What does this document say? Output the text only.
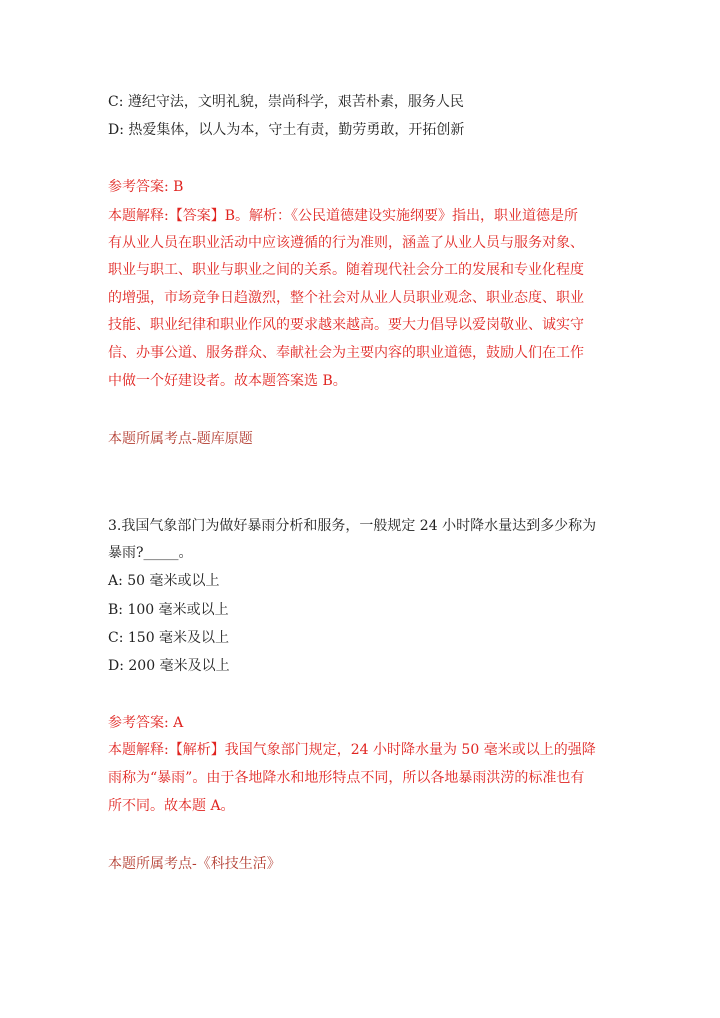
C: 遵纪守法，文明礼貌，崇尚科学，艰苦朴素，服务人民
D: 热爱集体，以人为本，守土有责，勤劳勇敢，开拓创新
参考答案: B
本题解释:【答案】B。解析：《公民道德建设实施纲要》指出，职业道德是所
有从业人员在职业活动中应该遵循的行为准则，涵盖了从业人员与服务对象、
职业与职工、职业与职业之间的关系。随着现代社会分工的发展和专业化程度
的增强，市场竞争日趋激烈，整个社会对从业人员职业观念、职业态度、职业
技能、职业纪律和职业作风的要求越来越高。要大力倡导以爱岗敬业、诚实守
信、办事公道、服务群众、奉献社会为主要内容的职业道德，鼓励人们在工作
中做一个好建设者。故本题答案选 B。
本题所属考点-题库原题
3.我国气象部门为做好暴雨分析和服务，一般规定 24 小时降水量达到多少称为
暴雨?_____。
A: 50 毫米或以上
B: 100 毫米或以上
C: 150 毫米及以上
D: 200 毫米及以上
参考答案: A
本题解释:【解析】我国气象部门规定，24 小时降水量为 50 毫米或以上的强降
雨称为“暴雨”。由于各地降水和地形特点不同，所以各地暴雨洪涝的标准也有
所不同。故本题 A。
本题所属考点-《科技生活》
